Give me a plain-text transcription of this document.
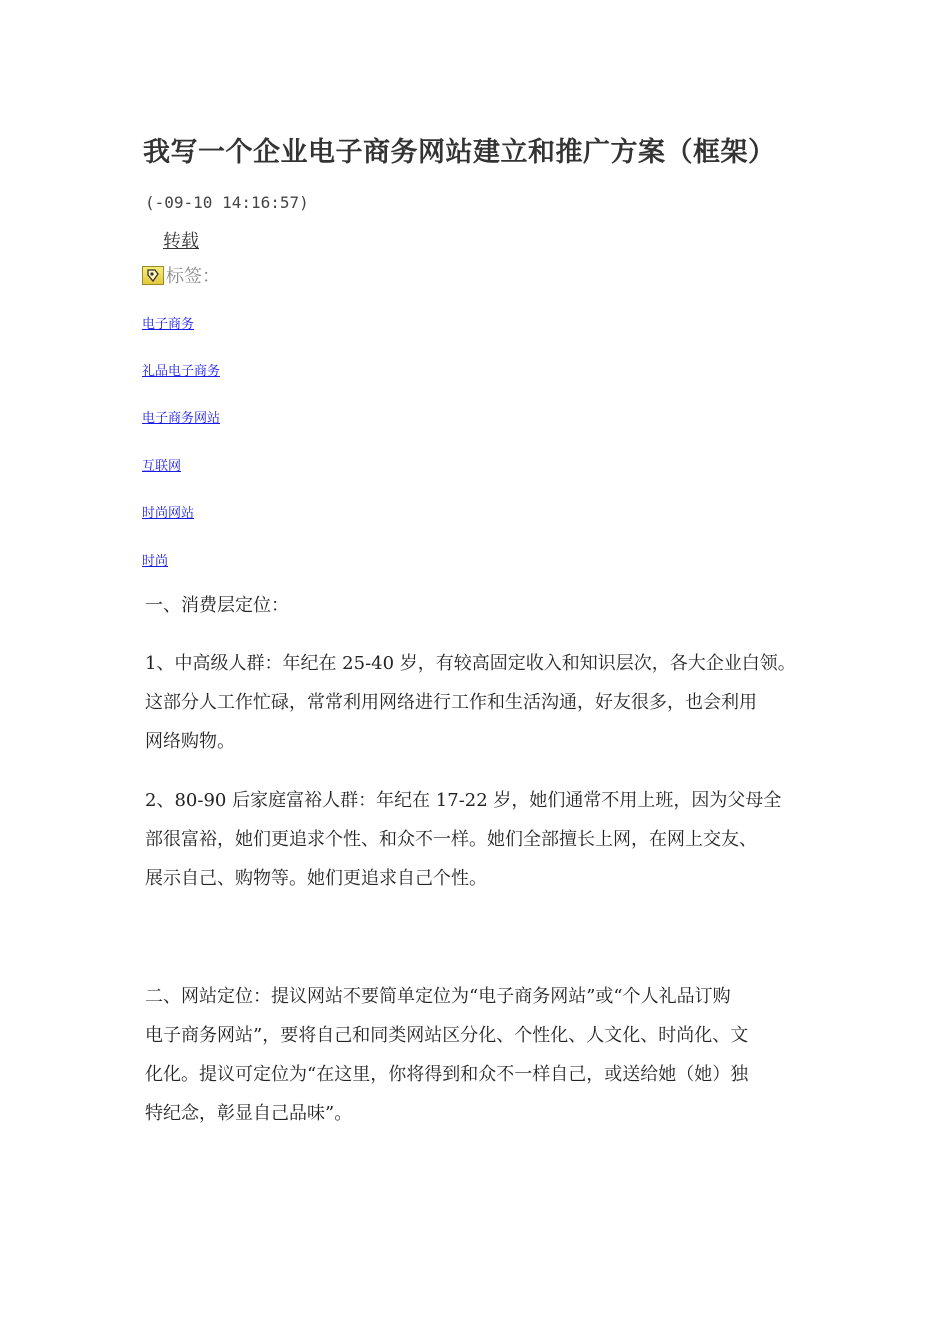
我写一个企业电子商务网站建立和推广方案（框架）
(-09-10 14:16:57)
转载
标签：
电子商务
礼品电子商务
电子商务网站
互联网
时尚网站
时尚
一、消费层定位：
1、中高级人群：年纪在 25-40 岁，有较高固定收入和知识层次，各大企业白领。
这部分人工作忙碌，常常利用网络进行工作和生活沟通，好友很多，也会利用
网络购物。
2、80-90 后家庭富裕人群：年纪在 17-22 岁，她们通常不用上班，因为父母全
部很富裕，她们更追求个性、和众不一样。她们全部擅长上网，在网上交友、
展示自己、购物等。她们更追求自己个性。
二、网站定位：提议网站不要简单定位为“电子商务网站”或“个人礼品订购
电子商务网站”，要将自己和同类网站区分化、个性化、人文化、时尚化、文
化化。提议可定位为“在这里，你将得到和众不一样自己，或送给她（她）独
特纪念，彰显自己品味”。
